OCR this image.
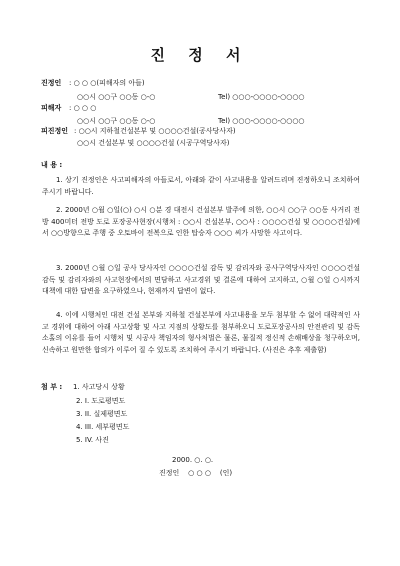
진 정 서
진정인 : ○ ○ ○(피해자의 아들)
○○시 ○○구 ○○동 ○-○	Tel) ○○○-○○○○-○○○○
피해자 : ○ ○ ○
○○시 ○○구 ○○동 ○-○	Tel) ○○○-○○○○-○○○○
피진정인 : ○○시 지하철건설본부 및 ○○○○건설(공사당사자)
○○시 건설본부 및 ○○○○건설 (시공구역당사자)
내 용 :
1. 상기 진정인은 사고피해자의 아들로서, 아래와 같이 사고내용을 알려드리며 진정하오니 조치하여 주시기 바랍니다.
2. 2000년 ○월 ○일(○) ○시 ○분 경 대전시 건설본부 발주에 의한, ○○시 ○○구 ○○동 사거리 전방 400미터 전방 도로 포장공사현장(시행처 : ○○시 건설본부, ○○사 : ○○○○건설 및 ○○○○건설)에서 ○○방향으로 주행 중 오토바이 전복으로 인한 탑승자 ○○○ 씨가 사망한 사고이다.
3. 2000년 ○월 ○일 공사 당사자인 ○○○○건설 감독 및 감리자와 공사구역당사자인 ○○○○건설 감독 및 감리자와의 사고현장에서의 면담하고 사고경위 및 결론에 대하여 고지하고, ○월 ○일 ○시까지 대책에 대한 답변을 요구하였으나, 현재까지 답변이 없다.
4. 이에 시행처인 대전 건설 본부와 지하철 건설본부에 사고내용을 모두 첨부할 수 없어 대략적인 사고 경위에 대하여 아래 사고상황 및 사고 지점의 상황도를 첨부하오니 도로포장공사의 안전관리 및 감독 소홀의 이유를 들어 시행처 및 시공사 책임자의 형사처벌은 물론, 물질적 정신적 손해배상을 청구하오며, 신속하고 원만한 합의가 이루어 질 수 있도록 조치하여 주시기 바랍니다. (사진은 추후 제출함)
첨 부 : 1. 사고당시 상황
2. I. 도로평면도
3. II. 실제평면도
4. III. 세부평면도
5. IV. 사진
2000. ○. ○.
진정인    ○ ○ ○    (인)
